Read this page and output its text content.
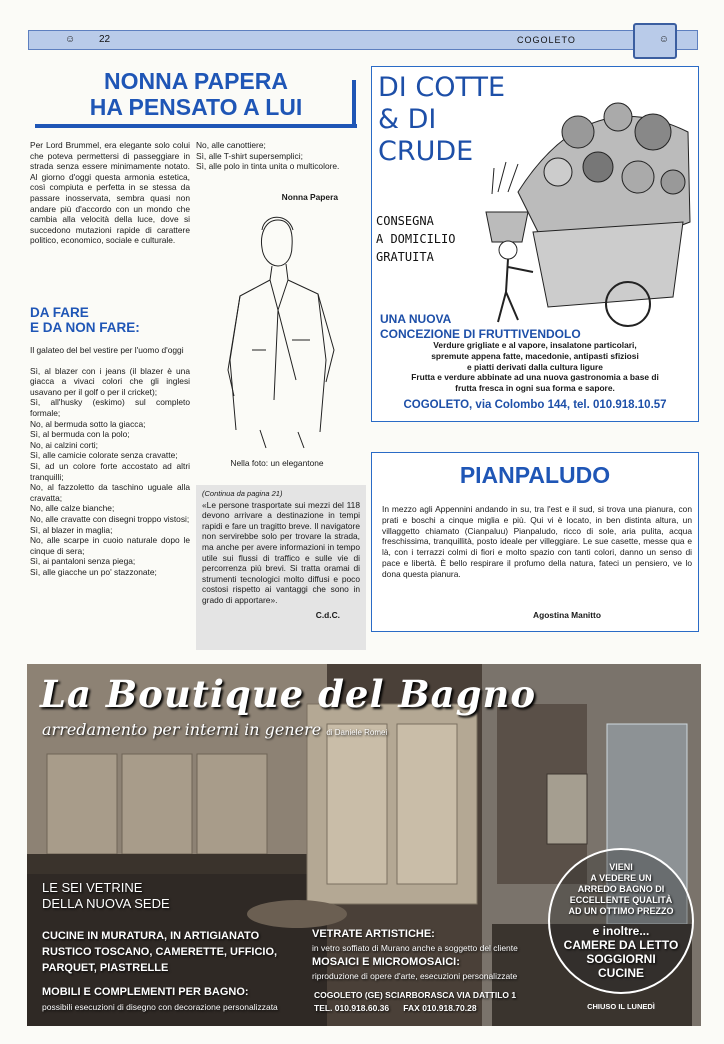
☺ 22	COGOLETO	☺
NONNA PAPERA
HA PENSATO A LUI
Per Lord Brummel, era elegante solo colui che poteva permettersi di passeggiare in strada senza essere minimamente notato. Al giorno d'oggi questa armonia estetica, così compiuta e perfetta in se stessa da passare inosservata, sembra quasi non andare più d'accordo con un mondo che cambia alla velocità della luce, dove si succedono mutazioni rapide di carattere politico, economico, sociale e culturale.
DA FARE
E DA NON FARE:
Il galateo del bel vestire per l'uomo d'oggi
Sì, al blazer con i jeans (il blazer è una giacca a vivaci colori che gli inglesi usavano per il golf o per il cricket);
Sì, all'husky (eskimo) sul completo formale;
No, al bermuda sotto la giacca;
Sì, al bermuda con la polo;
No, ai calzini corti;
Sì, alle camicie colorate senza cravatte;
Sì, ad un colore forte accostato ad altri tranquilli;
No, al fazzoletto da taschino uguale alla cravatta;
No, alle calze bianche;
No, alle cravatte con disegni troppo vistosi;
Sì, al blazer in maglia;
No, alle scarpe in cuoio naturale dopo le cinque di sera;
Sì, ai pantaloni senza piega;
Sì, alle giacche un po' stazzonate;
No, alle canottiere;
Sì, alle T-shirt supersemplici;
Sì, alle polo in tinta unita o multicolore.
Nonna Papera
Nella foto: un elegantone
(Continua da pagina 21)
«Le persone trasportate sui mezzi del 118 devono arrivare a destinazione in tempi rapidi e fare un tragitto breve. Il navigatore non servirebbe solo per trovare la strada, ma anche per avere informazioni in tempo utile sui flussi di traffico e sulle vie di percorrenza più brevi. Si tratta oramai di strumenti tecnologici molto diffusi e poco costosi rispetto ai vantaggi che sono in grado di apportare».
C.d.C.
DI COTTE
& DI
CRUDE
CONSEGNA
A DOMICILIO
GRATUITA
UNA NUOVA
CONCEZIONE DI FRUTTIVENDOLO
Verdure grigliate e al vapore, insalatone particolari,
spremute appena fatte, macedonie, antipasti sfiziosi
e piatti derivati dalla cultura ligure
Frutta e verdure abbinate ad una nuova gastronomia a base di
frutta fresca in ogni sua forma e sapore.
COGOLETO, via Colombo 144, tel. 010.918.10.57
PIANPALUDO
In mezzo agli Appennini andando in su, tra l'est e il sud, si trova una pianura, con prati e boschi a cinque miglia e più. Qui vi è locato, in ben distinta altura, un villaggetto chiamato (Cianpaluu) Pianpaludo, ricco di sole, aria pulita, acqua freschissima, tranquillità, posto ideale per villeggiare. Le sue casette, messe qua e là, con i terrazzi colmi di fiori e molto spazio con tanti colori, danno un senso di pace e libertà. È bello respirare il profumo della natura, fateci un pensiero, ve lo dona questa pianura.
Agostina Manitto
La Boutique del Bagno
arredamento per interni in genere di Daniele Romei
LE SEI VETRINE
DELLA NUOVA SEDE
CUCINE IN MURATURA, IN ARTIGIANATO
RUSTICO TOSCANO, CAMERETTE, UFFICIO,
PARQUET, PIASTRELLE
MOBILI E COMPLEMENTI PER BAGNO:
possibili esecuzioni di disegno con decorazione personalizzata
VETRATE ARTISTICHE:
in vetro soffiato di Murano anche a soggetto del cliente
MOSAICI E MICROMOSAICI:
riproduzione di opere d'arte, esecuzioni personalizzate
COGOLETO (GE) SCIARBORASCA VIA DATTILO 1
TEL. 010.918.60.36      FAX 010.918.70.28
VIENI
A VEDERE UN
ARREDO BAGNO DI
ECCELLENTE QUALITÀ
AD UN OTTIMO PREZZO
e inoltre...
CAMERE DA LETTO
SOGGIORNI
CUCINE
CHIUSO IL LUNEDÌ
